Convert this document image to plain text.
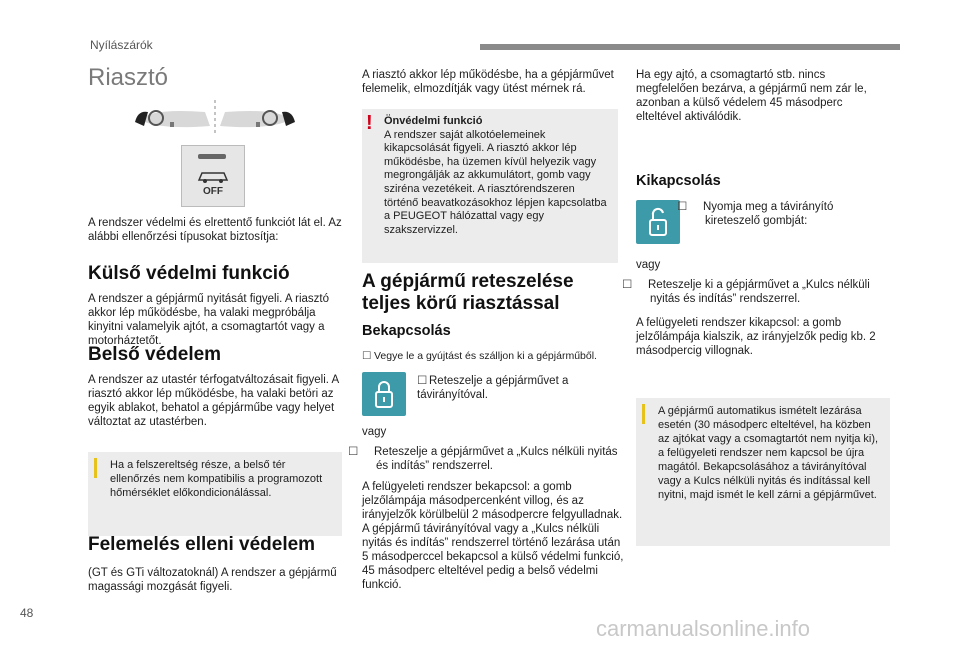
Nyílászárók
Riasztó
OFF
A rendszer védelmi és elrettentő funkciót lát el. Az alábbi ellenőrzési típusokat biztosítja:
Külső védelmi funkció
A rendszer a gépjármű nyitását figyeli. A riasztó akkor lép működésbe, ha valaki megpróbálja kinyitni valamelyik ajtót, a csomagtartót vagy a motorháztetőt.
Belső védelem
A rendszer az utastér térfogatváltozásait figyeli. A riasztó akkor lép működésbe, ha valaki betöri az egyik ablakot, behatol a gépjárműbe vagy helyet változtat az utastérben.
Ha a felszereltség része, a belső tér ellenőrzés nem kompatibilis a programozott hőmérséklet előkondicionálással.
Felemelés elleni védelem
(GT és GTi változatoknál) A rendszer a gépjármű magassági mozgását figyeli.
A riasztó akkor lép működésbe, ha a gépjárművet felemelik, elmozdítják vagy ütést mérnek rá.
! Önvédelmi funkció
A rendszer saját alkotóelemeinek kikapcsolását figyeli. A riasztó akkor lép működésbe, ha üzemen kívül helyezik vagy megrongálják az akkumulátort, gomb vagy sziréna vezetékeit. A riasztórendszeren történő beavatkozásokhoz lépjen kapcsolatba a PEUGEOT hálózattal vagy egy szakszervizzel.
A gépjármű reteszelése teljes körű riasztással
Bekapcsolás
☐ Vegye le a gyújtást és szálljon ki a gépjárműből.
☐ Reteszelje a gépjárművet a távirányítóval.
vagy
☐ Reteszelje a gépjárművet a „Kulcs nélküli nyitás és indítás” rendszerrel.
A felügyeleti rendszer bekapcsol: a gomb jelzőlámpája másodpercenként villog, és az irányjelzők körülbelül 2 másodpercre felgyulladnak. A gépjármű távirányítóval vagy a „Kulcs nélküli nyitás és indítás” rendszerrel történő lezárása után 5 másodperccel bekapcsol a külső védelmi funkció, 45 másodperc elteltével pedig a belső védelmi funkció.
Ha egy ajtó, a csomagtartó stb. nincs megfelelően bezárva, a gépjármű nem zár le, azonban a külső védelem 45 másodperc elteltével aktiválódik.
Kikapcsolás
☐ Nyomja meg a távirányító kireteszelő gombját:
vagy
☐ Reteszelje ki a gépjárművet a „Kulcs nélküli nyitás és indítás” rendszerrel.
A felügyeleti rendszer kikapcsol: a gomb jelzőlámpája kialszik, az irányjelzők pedig kb. 2 másodpercig villognak.
A gépjármű automatikus ismételt lezárása esetén (30 másodperc elteltével, ha közben az ajtókat vagy a csomagtartót nem nyitja ki), a felügyeleti rendszer nem kapcsol be újra magától. Bekapcsolásához a távirányítóval vagy a Kulcs nélküli nyitás és indítással kell nyitni, majd ismét le kell zárni a gépjárművet.
48
carmanualsonline.info
